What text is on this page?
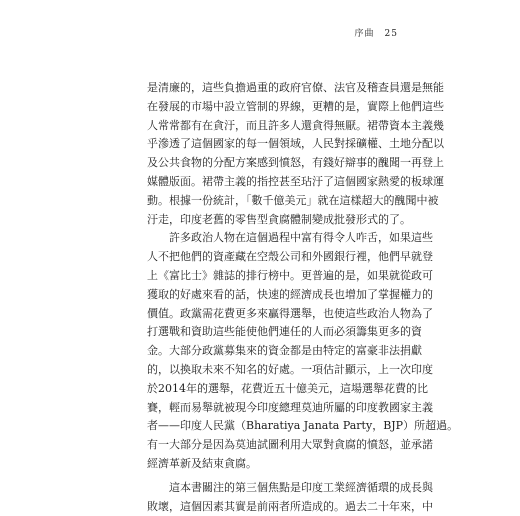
序曲 25
是清廉的，這些負擔過重的政府官僚、法官及稽查員還是無能
在發展的市場中設立管制的界線，更糟的是，實際上他們這些
人常常都有在貪汙，而且許多人還貪得無厭。裙帶資本主義幾
乎滲透了這個國家的每一個領域，人民對採礦權、土地分配以
及公共食物的分配方案感到憤怒，有錢好辯事的醜聞一再登上
媒體版面。裙帶主義的指控甚至玷汙了這個國家熱愛的板球運
動。根據一份統計，「數千億美元」就在這樣超大的醜聞中被
汙走，印度老舊的零售型貪腐體制變成批發形式的了。
許多政治人物在這個過程中富有得令人咋舌，如果這些
人不把他們的資產藏在空殼公司和外國銀行裡，他們早就登
上《富比士》雜誌的排行榜中。更普遍的是，如果就從政可
獲取的好處來看的話，快速的經濟成長也增加了掌握權力的
價值。政黨需花費更多來贏得選舉，也使這些政治人物為了
打選戰和資助這些能使他們連任的人而必須籌集更多的資
金。大部分政黨募集來的資金都是由特定的富豪非法捐獻
的，以換取未來不知名的好處。一項估計顯示，上一次印度
於2014年的選舉，花費近五十億美元，這場選舉花費的比
賽，輕而易舉就被現今印度總理莫迪所屬的印度教國家主義
者——印度人民黨（Bharatiya Janata Party，BJP）所超過。
有一大部分是因為莫迪試圖利用大眾對貪腐的憤怒，並承諾
經濟革新及結束貪腐。
這本書關注的第三個焦點是印度工業經濟循環的成長與
敗壞，這個因素其實是前兩者所造成的。過去二十年來，中
